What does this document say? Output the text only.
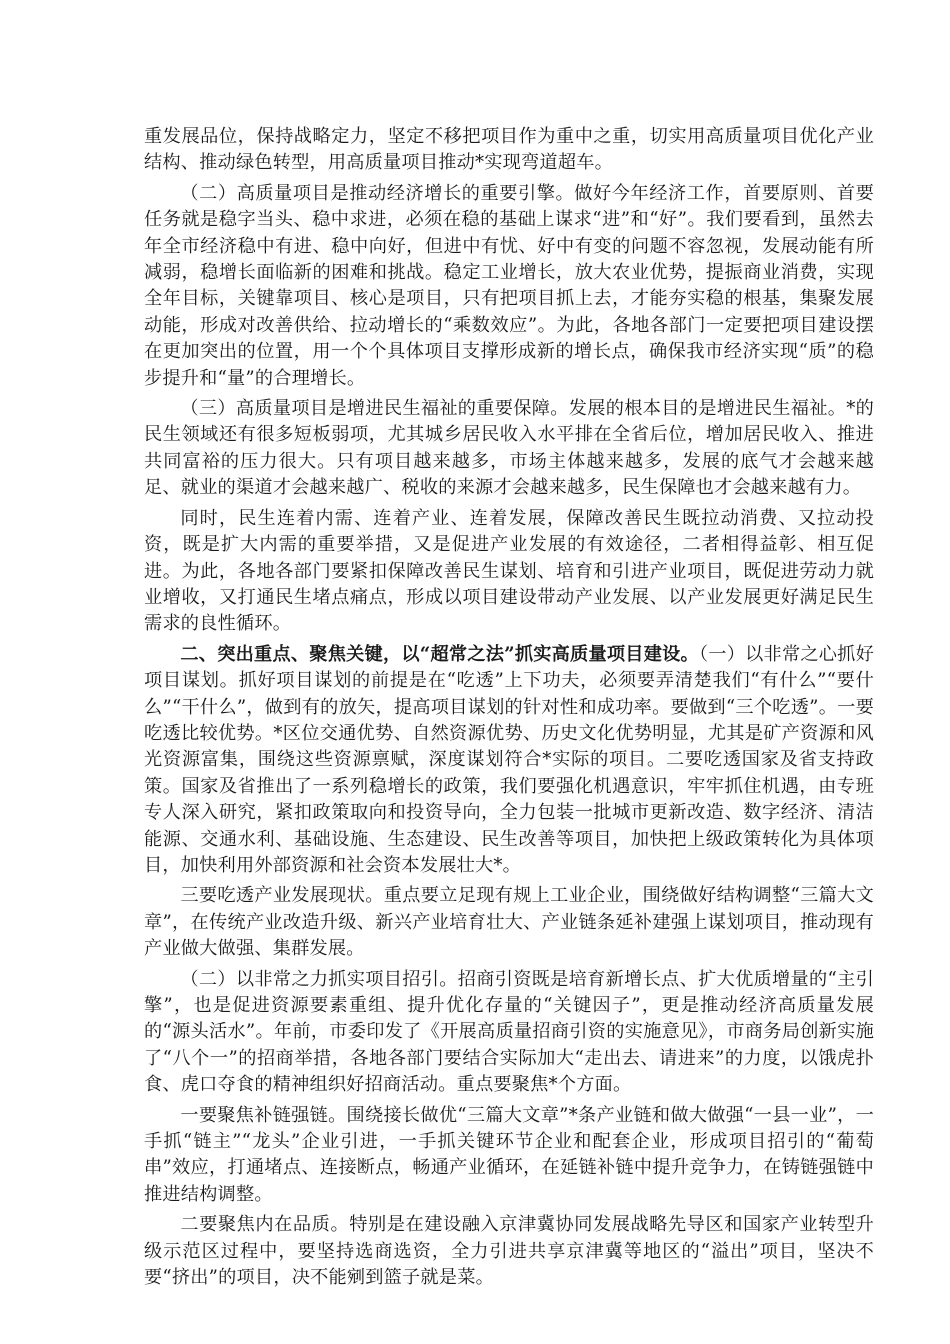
重发展品位，保持战略定力，坚定不移把项目作为重中之重，切实用高质量项目优化产业结构、推动绿色转型，用高质量项目推动*实现弯道超车。

（二）高质量项目是推动经济增长的重要引擎。做好今年经济工作，首要原则、首要任务就是稳字当头、稳中求进，必须在稳的基础上谋求“进”和“好”。我们要看到，虽然去年全市经济稳中有进、稳中向好，但进中有忧、好中有变的问题不容忽视，发展动能有所减弱，稳增长面临新的困难和挑战。稳定工业增长，放大农业优势，提振商业消费，实现全年目标，关键靠项目、核心是项目，只有把项目抓上去，才能夯实稳的根基，集聚发展动能，形成对改善供给、拉动增长的“乘数效应”。为此，各地各部门一定要把项目建设摆在更加突出的位置，用一个个具体项目支撑形成新的增长点，确保我市经济实现“质”的稳步提升和“量”的合理增长。

（三）高质量项目是增进民生福祉的重要保障。发展的根本目的是增进民生福祉。*的民生领域还有很多短板弱项，尤其城乡居民收入水平排在全省后位，增加居民收入、推进共同富裕的压力很大。只有项目越来越多，市场主体越来越多，发展的底气才会越来越足、就业的渠道才会越来越广、税收的来源才会越来越多，民生保障也才会越来越有力。

同时，民生连着内需、连着产业、连着发展，保障改善民生既拉动消费、又拉动投资，既是扩大内需的重要举措，又是促进产业发展的有效途径，二者相得益彰、相互促进。为此，各地各部门要紧扣保障改善民生谋划、培育和引进产业项目，既促进劳动力就业增收，又打通民生堵点痛点，形成以项目建设带动产业发展、以产业发展更好满足民生需求的良性循环。

二、突出重点、聚焦关键，以“超常之法”抓实高质量项目建设。（一）以非常之心抓好项目谋划。抓好项目谋划的前提是在“吃透”上下功夫，必须要弄清楚我们“有什么”“要什么”“干什么”，做到有的放矢，提高项目谋划的针对性和成功率。要做到“三个吃透”。一要吃透比较优势。*区位交通优势、自然资源优势、历史文化优势明显，尤其是矿产资源和风光资源富集，围绕这些资源禀赋，深度谋划符合*实际的项目。二要吃透国家及省支持政策。国家及省推出了一系列稳增长的政策，我们要强化机遇意识，牢牢抓住机遇，由专班专人深入研究，紧扣政策取向和投资导向，全力包装一批城市更新改造、数字经济、清洁能源、交通水利、基础设施、生态建设、民生改善等项目，加快把上级政策转化为具体项目，加快利用外部资源和社会资本发展壮大*。

三要吃透产业发展现状。重点要立足现有规上工业企业，围绕做好结构调整“三篇大文章”，在传统产业改造升级、新兴产业培育壮大、产业链条延补建强上谋划项目，推动现有产业做大做强、集群发展。

（二）以非常之力抓实项目招引。招商引资既是培育新增长点、扩大优质增量的“主引擎”，也是促进资源要素重组、提升优化存量的“关键因子”，更是推动经济高质量发展的“源头活水”。年前，市委印发了《开展高质量招商引资的实施意见》，市商务局创新实施了“八个一”的招商举措，各地各部门要结合实际加大“走出去、请进来”的力度，以饿虎扑食、虎口夺食的精神组织好招商活动。重点要聚焦*个方面。

一要聚焦补链强链。围绕接长做优“三篇大文章”*条产业链和做大做强“一县一业”，一手抓“链主”“龙头”企业引进，一手抓关键环节企业和配套企业，形成项目招引的“葡萄串”效应，打通堵点、连接断点，畅通产业循环，在延链补链中提升竞争力，在铸链强链中推进结构调整。

二要聚焦内在品质。特别是在建设融入京津冀协同发展战略先导区和国家产业转型升级示范区过程中，要坚持选商选资，全力引进共享京津冀等地区的“溢出”项目，坚决不要“挤出”的项目，决不能剜到篮子就是菜。
